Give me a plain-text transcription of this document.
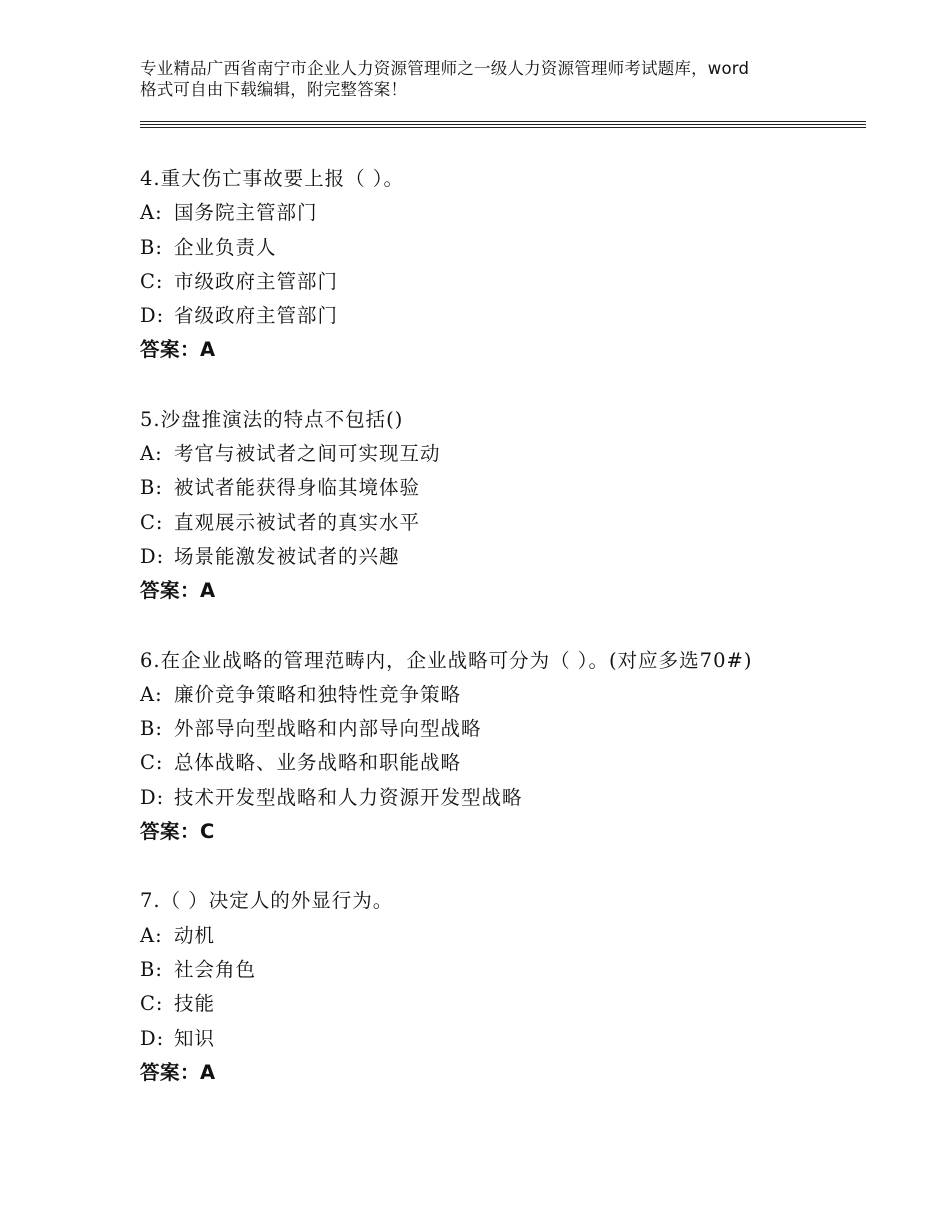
专业精品广西省南宁市企业人力资源管理师之一级人力资源管理师考试题库，word
格式可自由下载编辑，附完整答案！
4.重大伤亡事故要上报（ ）。
A: 国务院主管部门
B: 企业负责人
C: 市级政府主管部门
D: 省级政府主管部门
答案：A
5.沙盘推演法的特点不包括()
A: 考官与被试者之间可实现互动
B: 被试者能获得身临其境体验
C: 直观展示被试者的真实水平
D: 场景能激发被试者的兴趣
答案：A
6.在企业战略的管理范畴内，企业战略可分为（ ）。(对应多选70#)
A: 廉价竞争策略和独特性竞争策略
B: 外部导向型战略和内部导向型战略
C: 总体战略、业务战略和职能战略
D: 技术开发型战略和人力资源开发型战略
答案：C
7.（ ）决定人的外显行为。
A: 动机
B: 社会角色
C: 技能
D: 知识
答案：A
